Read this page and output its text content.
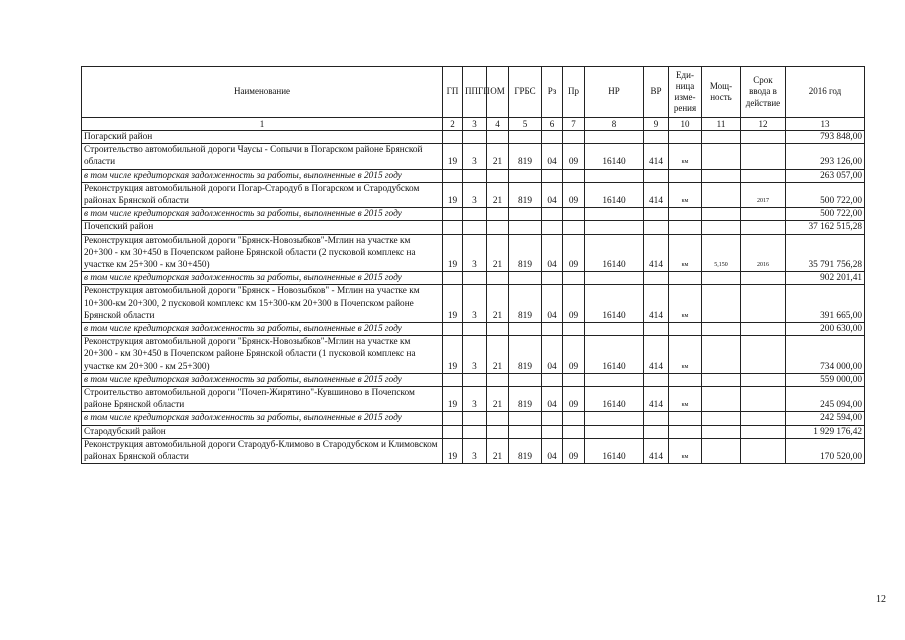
Наименование	ГП	ППГП	ОМ	ГРБС	Рз	Пр	НР	ВР	Еди-ница изме-рения	Мощ-ность	Срок ввода в действие	2016 год
1	2	3	4	5	6	7	8	9	10	11	12	13
Погарский район												793 848,00
Строительство автомобильной дороги Чаусы - Сопычи в Погарском районе Брянской области	19	3	21	819	04	09	16140	414	км			293 126,00
в том числе кредиторская задолженность за работы, выполненные в 2015 году												263 057,00
Реконструкция автомобильной дороги Погар-Стародуб в Погарском и Стародубском районах Брянской области	19	3	21	819	04	09	16140	414	км		2017	500 722,00
в том числе кредиторская задолженность за работы, выполненные в 2015 году												500 722,00
Почепский район												37 162 515,28
Реконструкция автомобильной дороги "Брянск-Новозыбков"-Мглин на участке км 20+300 - км 30+450 в Почепском районе Брянской области (2 пусковой комплекс на участке км 25+300 - км 30+450)	19	3	21	819	04	09	16140	414	км	5,150	2016	35 791 756,28
в том числе кредиторская задолженность за работы, выполненные в 2015 году												902 201,41
Реконструкция автомобильной дороги "Брянск - Новозыбков" - Мглин на участке км 10+300-км 20+300, 2 пусковой комплекс км 15+300-км 20+300 в Почепском районе Брянской области	19	3	21	819	04	09	16140	414	км			391 665,00
в том числе кредиторская задолженность за работы, выполненные в 2015 году												200 630,00
Реконструкция автомобильной дороги "Брянск-Новозыбков"-Мглин на участке км 20+300 - км 30+450 в Почепском районе Брянской области (1 пусковой комплекс на участке км 20+300 - км 25+300)	19	3	21	819	04	09	16140	414	км			734 000,00
в том числе кредиторская задолженность за работы, выполненные в 2015 году												559 000,00
Строительство автомобильной дороги "Почеп-Жирятино"-Кувшиново в Почепском районе Брянской области	19	3	21	819	04	09	16140	414	км			245 094,00
в том числе кредиторская задолженность за работы, выполненные в 2015 году												242 594,00
Стародубский район												1 929 176,42
Реконструкция автомобильной дороги Стародуб-Климово в Стародубском и Климовском районах Брянской области	19	3	21	819	04	09	16140	414	км			170 520,00
12
